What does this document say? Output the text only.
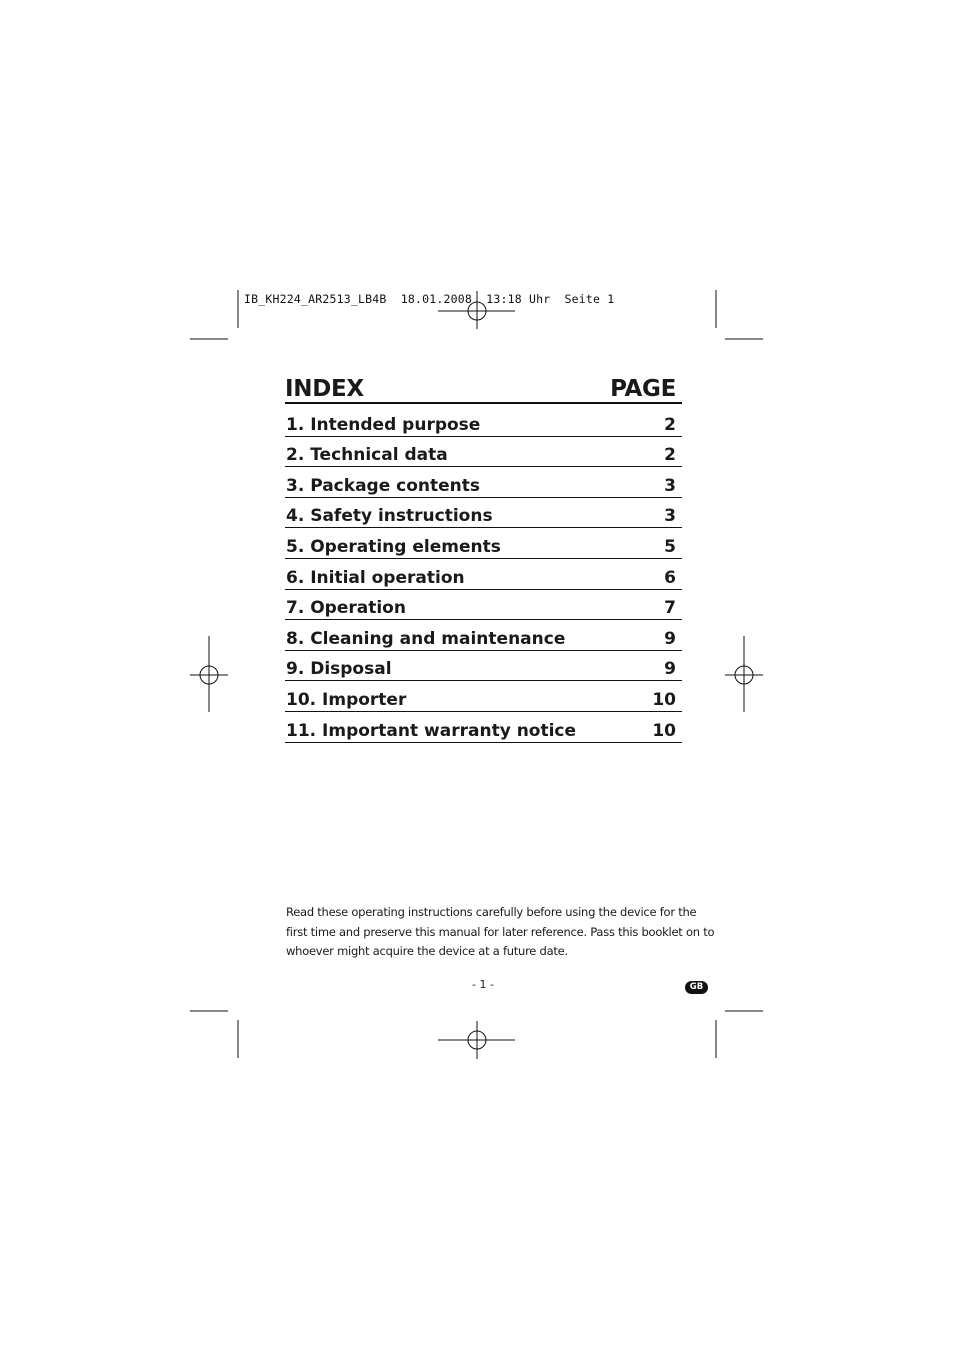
IB_KH224_AR2513_LB4B  18.01.2008  13:18 Uhr  Seite 1
INDEX	PAGE
1. Intended purpose	2
2. Technical data	2
3. Package contents	3
4. Safety instructions	3
5. Operating elements	5
6. Initial operation	6
7. Operation	7
8. Cleaning and maintenance	9
9. Disposal	9
10. Importer	10
11. Important warranty notice	10
Read these operating instructions carefully before using the device for the
first time and preserve this manual for later reference. Pass this booklet on to
whoever might acquire the device at a future date.
- 1 -	GB
